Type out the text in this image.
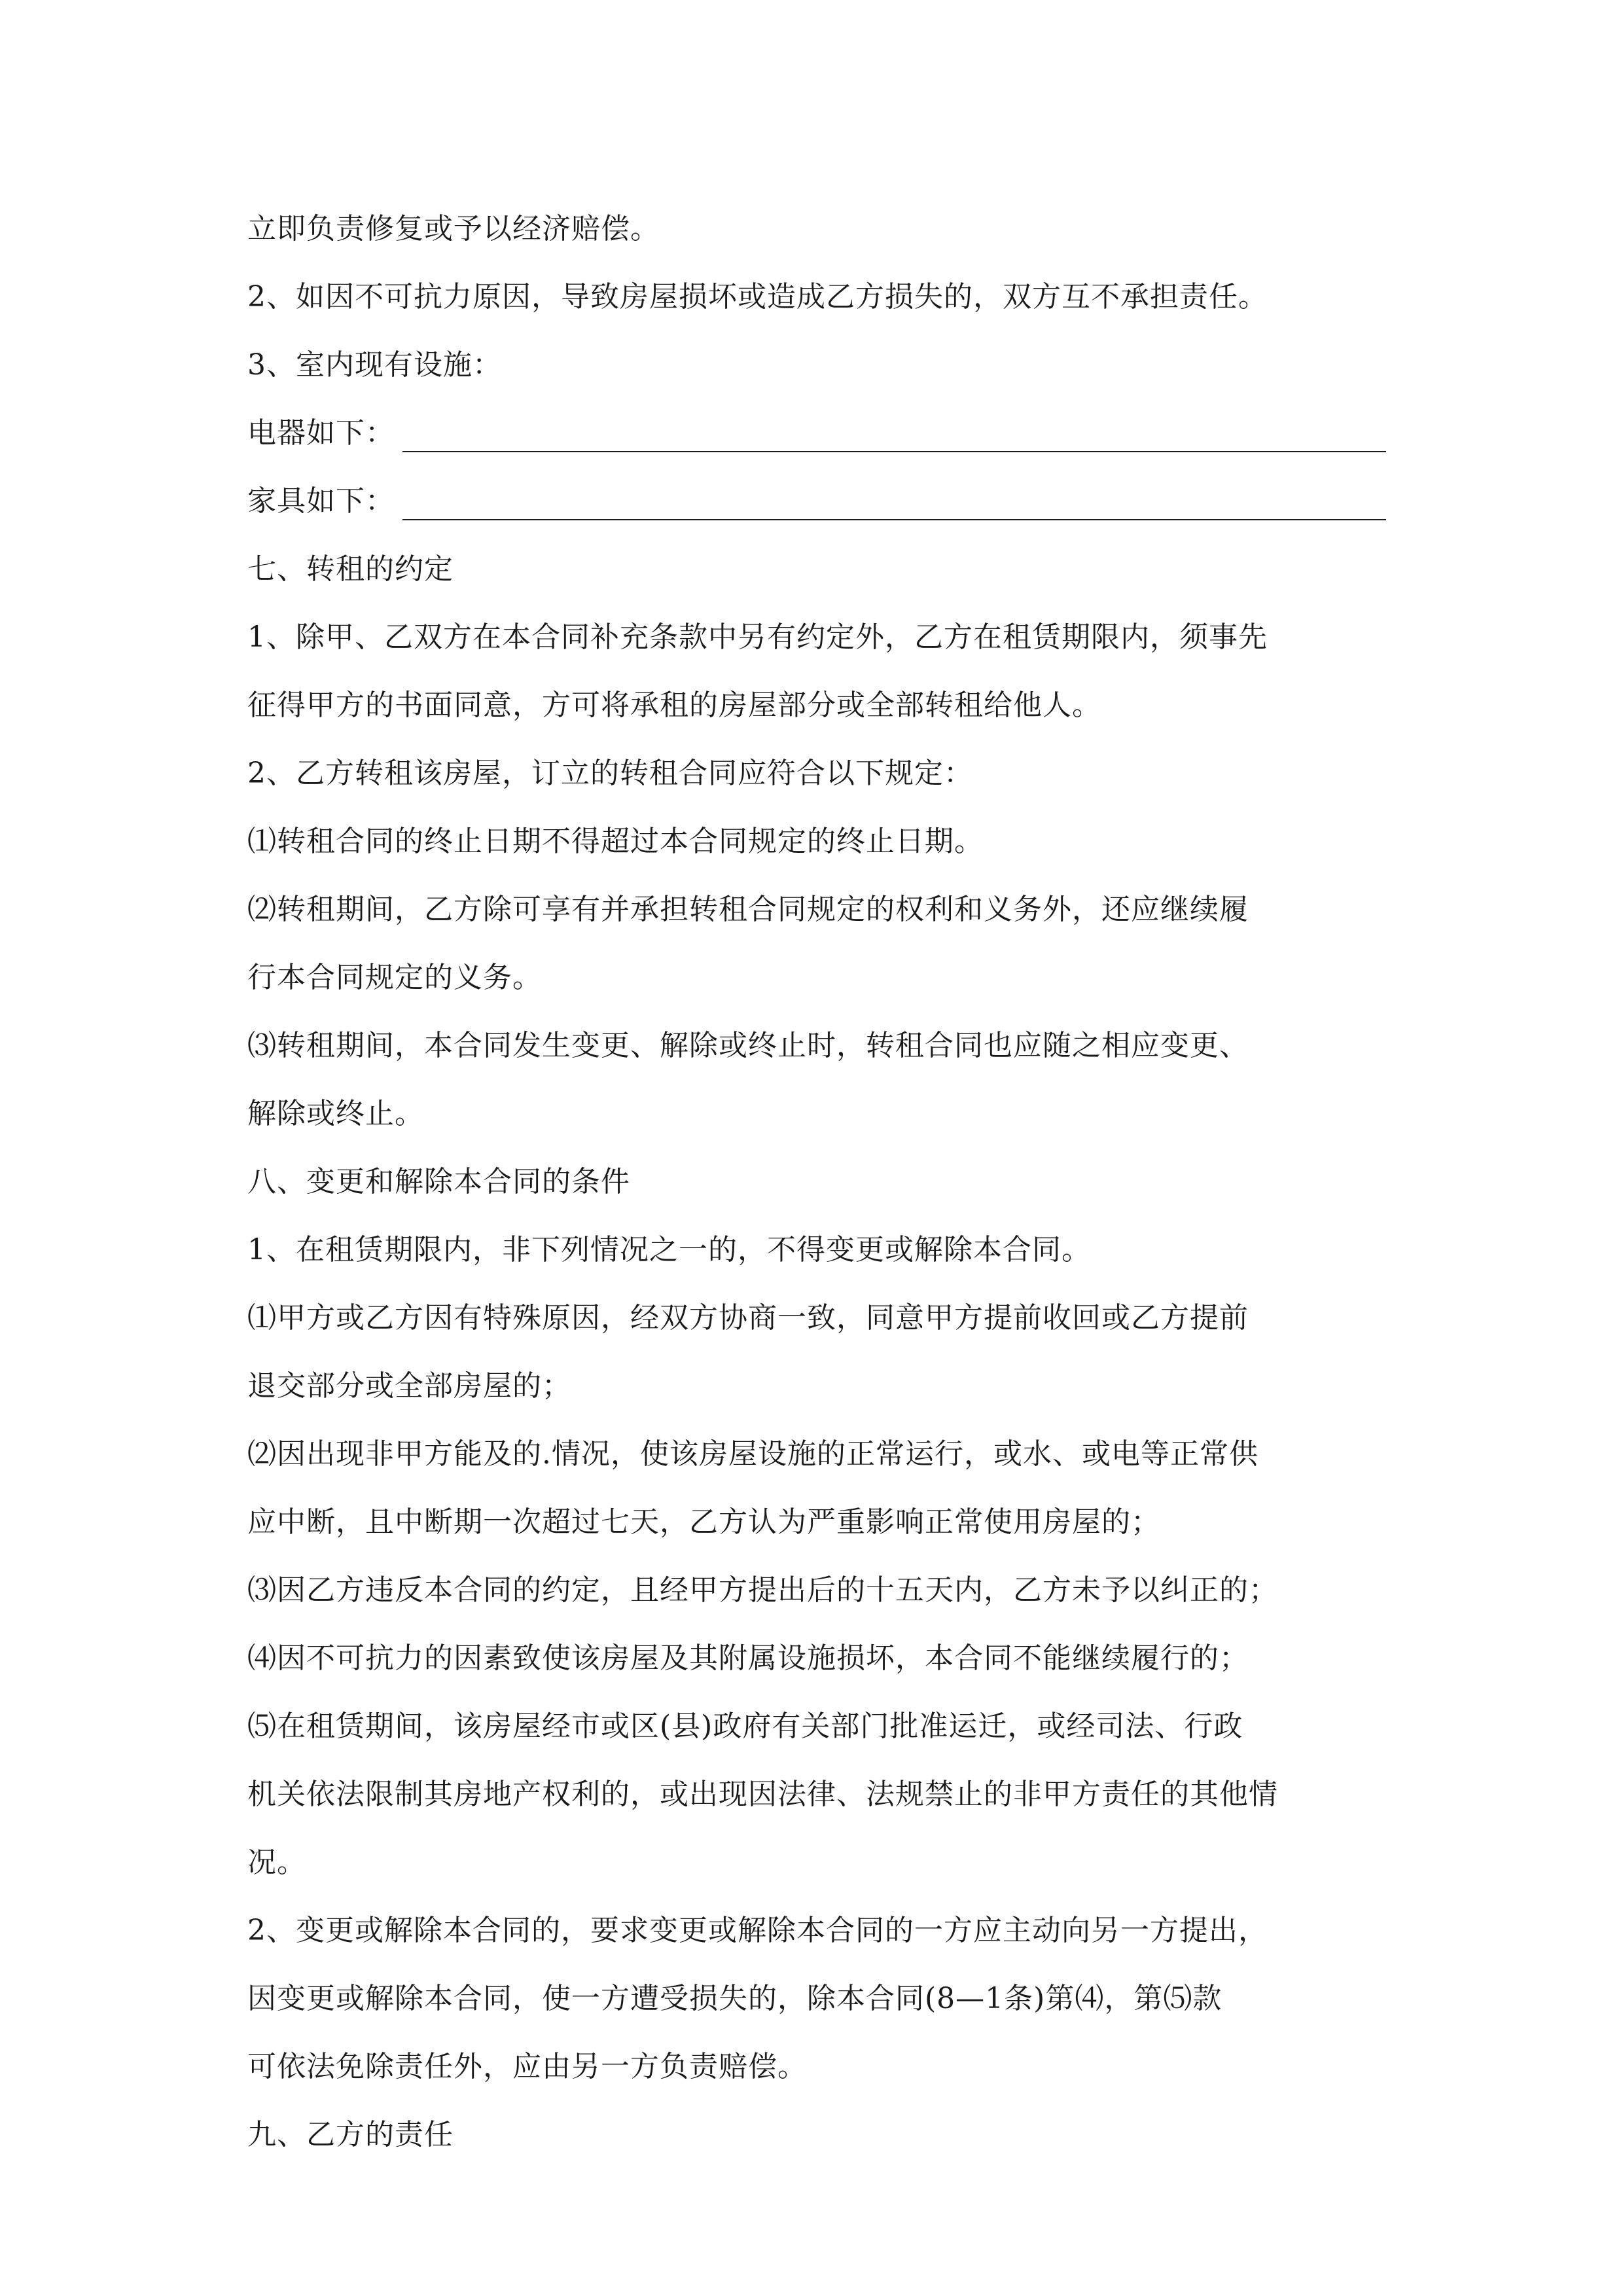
立即负责修复或予以经济赔偿。
2、如因不可抗力原因，导致房屋损坏或造成乙方损失的，双方互不承担责任。
3、室内现有设施：
电器如下：
家具如下：
七、转租的约定
1、除甲、乙双方在本合同补充条款中另有约定外，乙方在租赁期限内，须事先
征得甲方的书面同意，方可将承租的房屋部分或全部转租给他人。
2、乙方转租该房屋，订立的转租合同应符合以下规定：
⑴转租合同的终止日期不得超过本合同规定的终止日期。
⑵转租期间，乙方除可享有并承担转租合同规定的权利和义务外，还应继续履
行本合同规定的义务。
⑶转租期间，本合同发生变更、解除或终止时，转租合同也应随之相应变更、
解除或终止。
八、变更和解除本合同的条件
1、在租赁期限内，非下列情况之一的，不得变更或解除本合同。
⑴甲方或乙方因有特殊原因，经双方协商一致，同意甲方提前收回或乙方提前
退交部分或全部房屋的；
⑵因出现非甲方能及的.情况，使该房屋设施的正常运行，或水、或电等正常供
应中断，且中断期一次超过七天，乙方认为严重影响正常使用房屋的；
⑶因乙方违反本合同的约定，且经甲方提出后的十五天内，乙方未予以纠正的；
⑷因不可抗力的因素致使该房屋及其附属设施损坏，本合同不能继续履行的；
⑸在租赁期间，该房屋经市或区(县)政府有关部门批准运迁，或经司法、行政
机关依法限制其房地产权利的，或出现因法律、法规禁止的非甲方责任的其他情
况。
2、变更或解除本合同的，要求变更或解除本合同的一方应主动向另一方提出，
因变更或解除本合同，使一方遭受损失的，除本合同(8—1条)第⑷，第⑸款
可依法免除责任外，应由另一方负责赔偿。
九、乙方的责任
